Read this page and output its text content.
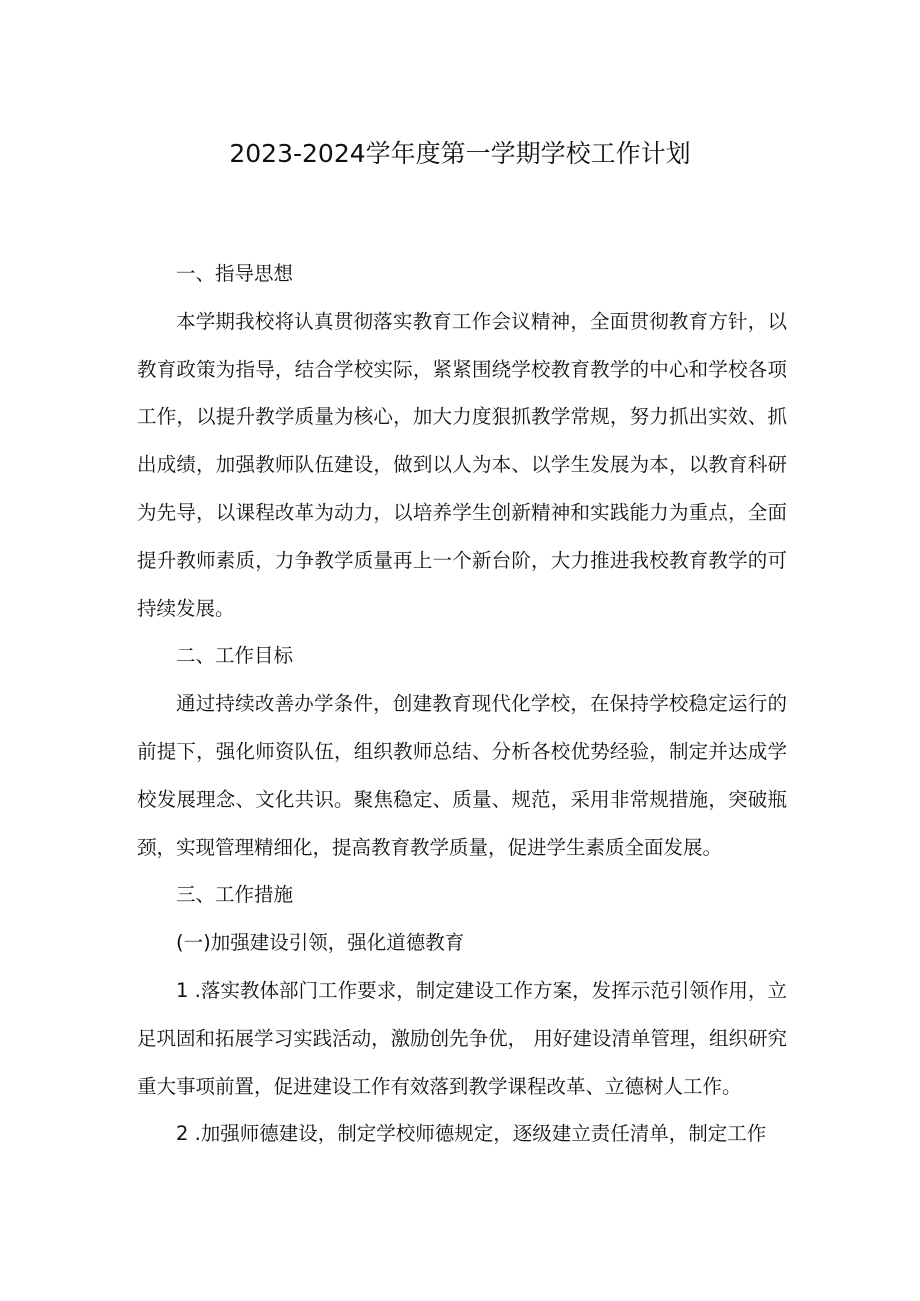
2023-2024学年度第一学期学校工作计划

一、指导思想

本学期我校将认真贯彻落实教育工作会议精神，全面贯彻教育方针，以教育政策为指导，结合学校实际，紧紧围绕学校教育教学的中心和学校各项工作，以提升教学质量为核心，加大力度狠抓教学常规，努力抓出实效、抓出成绩，加强教师队伍建设，做到以人为本、以学生发展为本，以教育科研为先导，以课程改革为动力，以培养学生创新精神和实践能力为重点，全面提升教师素质，力争教学质量再上一个新台阶，大力推进我校教育教学的可持续发展。

二、工作目标

通过持续改善办学条件，创建教育现代化学校，在保持学校稳定运行的前提下，强化师资队伍，组织教师总结、分析各校优势经验，制定并达成学校发展理念、文化共识。聚焦稳定、质量、规范，采用非常规措施，突破瓶颈，实现管理精细化，提高教育教学质量，促进学生素质全面发展。

三、工作措施

(一)加强建设引领，强化道德教育

1 .落实教体部门工作要求，制定建设工作方案，发挥示范引领作用，立足巩固和拓展学习实践活动，激励创先争优， 用好建设清单管理，组织研究重大事项前置，促进建设工作有效落到教学课程改革、立德树人工作。

2 .加强师德建设，制定学校师德规定，逐级建立责任清单，制定工作
